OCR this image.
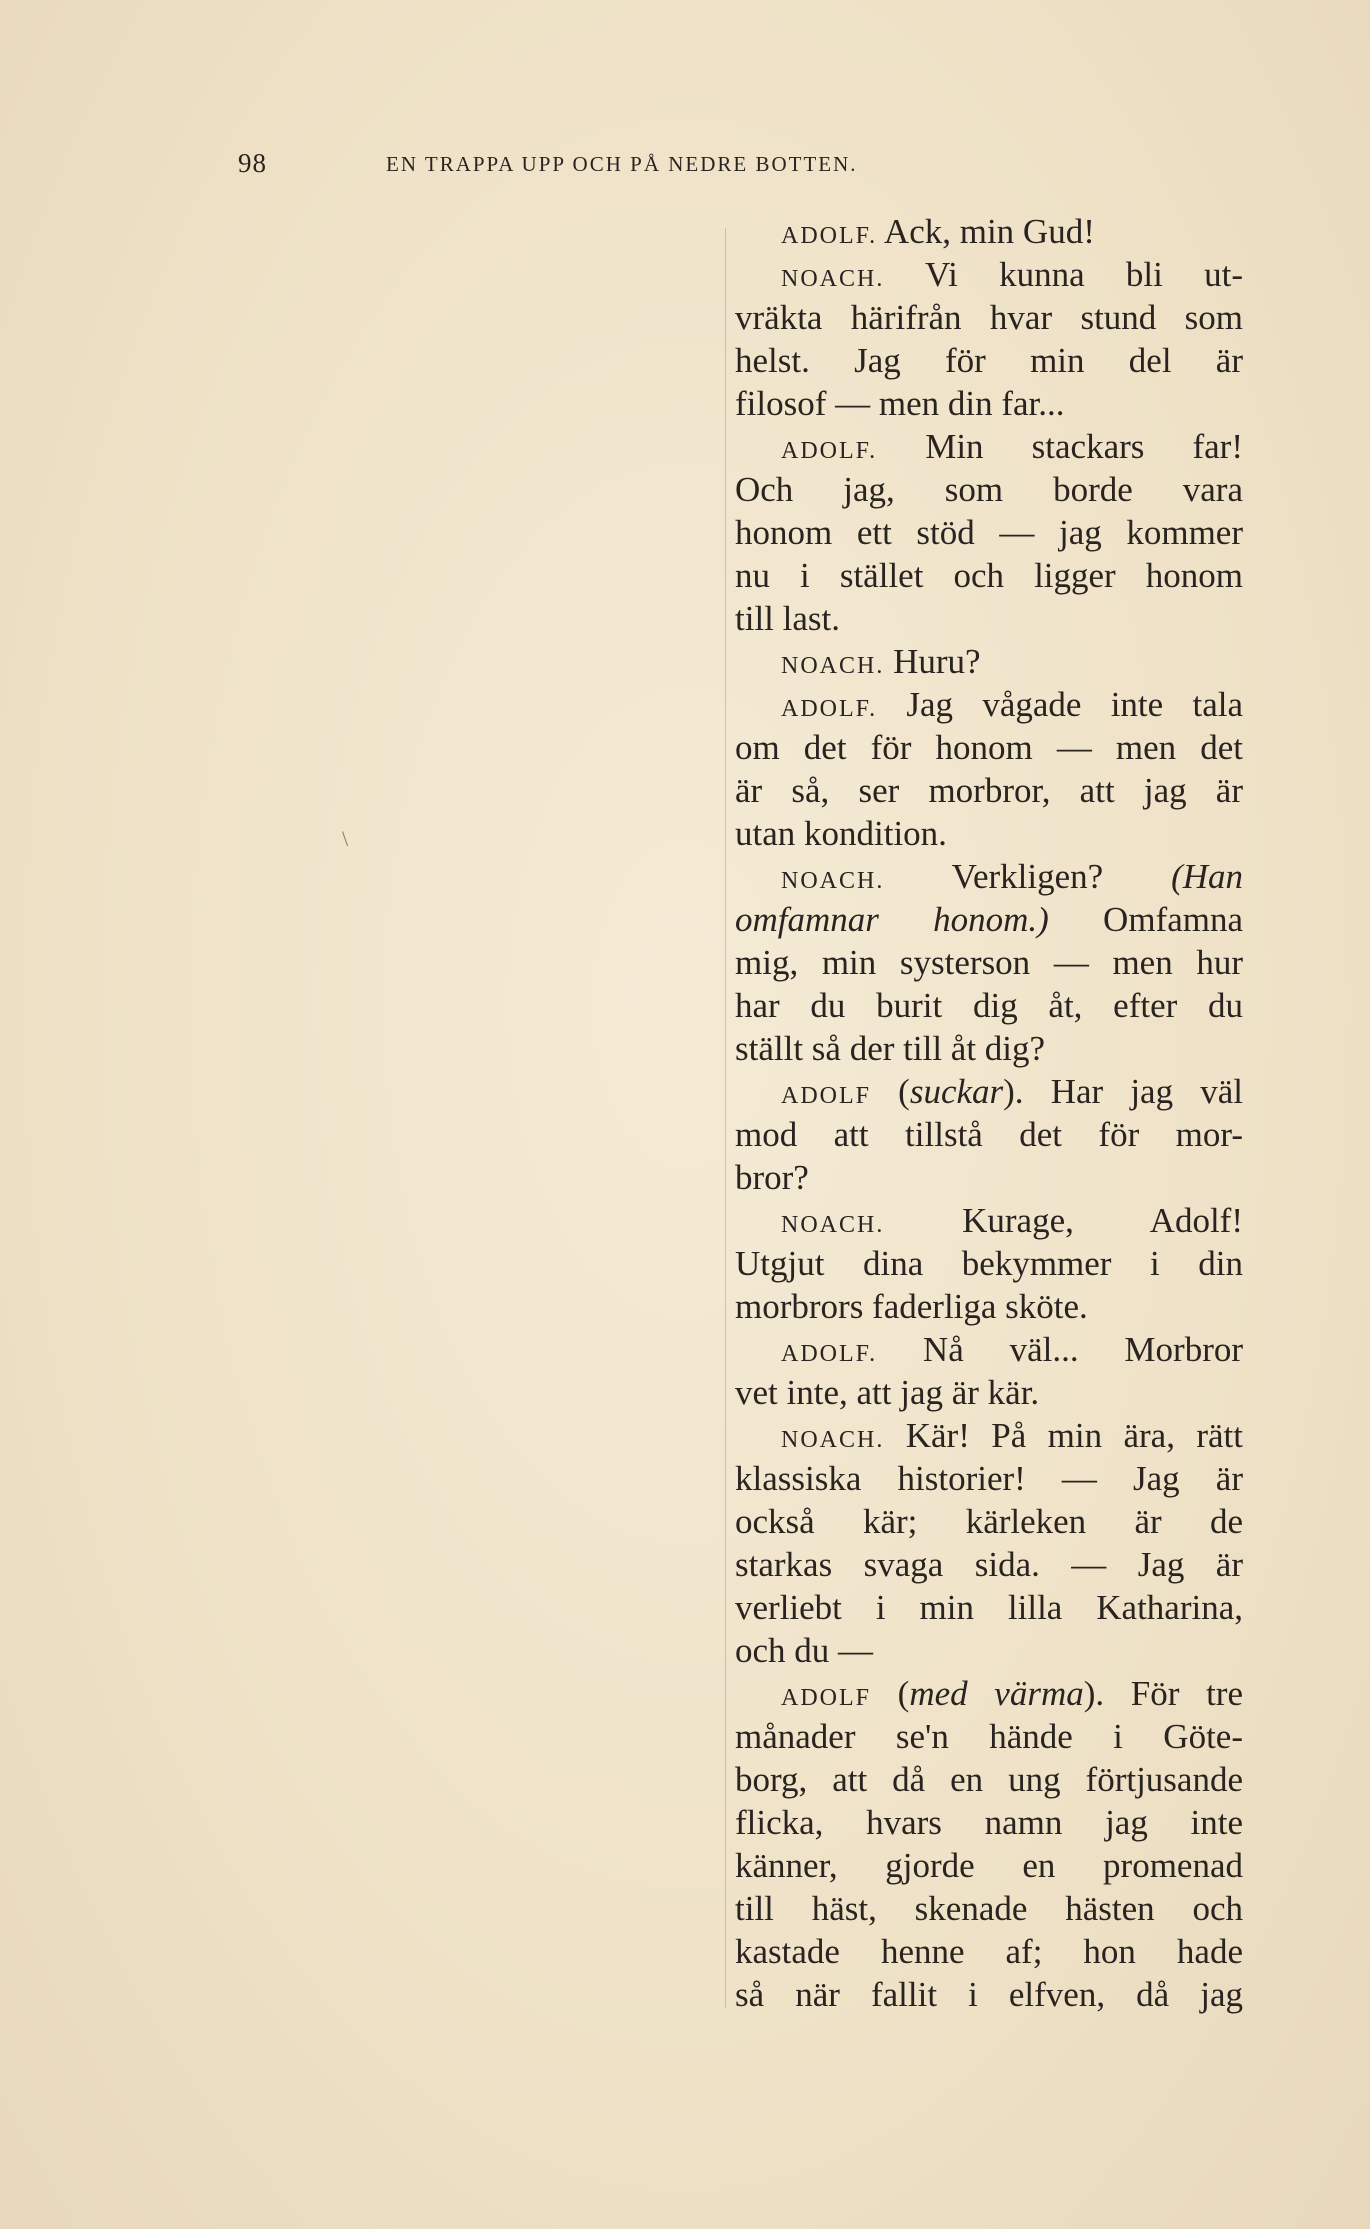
98	EN TRAPPA UPP OCH PÅ NEDRE BOTTEN.
ADOLF. Ack, min Gud!
NOACH. Vi kunna bli ut-
vräkta härifrån hvar stund som
helst. Jag för min del är
filosof — men din far...
ADOLF. Min stackars far!
Och jag, som borde vara
honom ett stöd — jag kommer
nu i stället och ligger honom
till last.
NOACH. Huru?
ADOLF. Jag vågade inte tala
om det för honom — men det
är så, ser morbror, att jag är
utan kondition.
NOACH. Verkligen? (Han
omfamnar honom.) Omfamna
mig, min systerson — men hur
har du burit dig åt, efter du
ställt så der till åt dig?
ADOLF (suckar). Har jag väl
mod att tillstå det för mor-
bror?
NOACH. Kurage, Adolf!
Utgjut dina bekymmer i din
morbrors faderliga sköte.
ADOLF. Nå väl... Morbror
vet inte, att jag är kär.
NOACH. Kär! På min ära, rätt
klassiska historier! — Jag är
också kär; kärleken är de
starkas svaga sida. — Jag är
verliebt i min lilla Katharina,
och du —
ADOLF (med värma). För tre
månader se'n hände i Göte-
borg, att då en ung förtjusande
flicka, hvars namn jag inte
känner, gjorde en promenad
till häst, skenade hästen och
kastade henne af; hon hade
så när fallit i elfven, då jag
\
